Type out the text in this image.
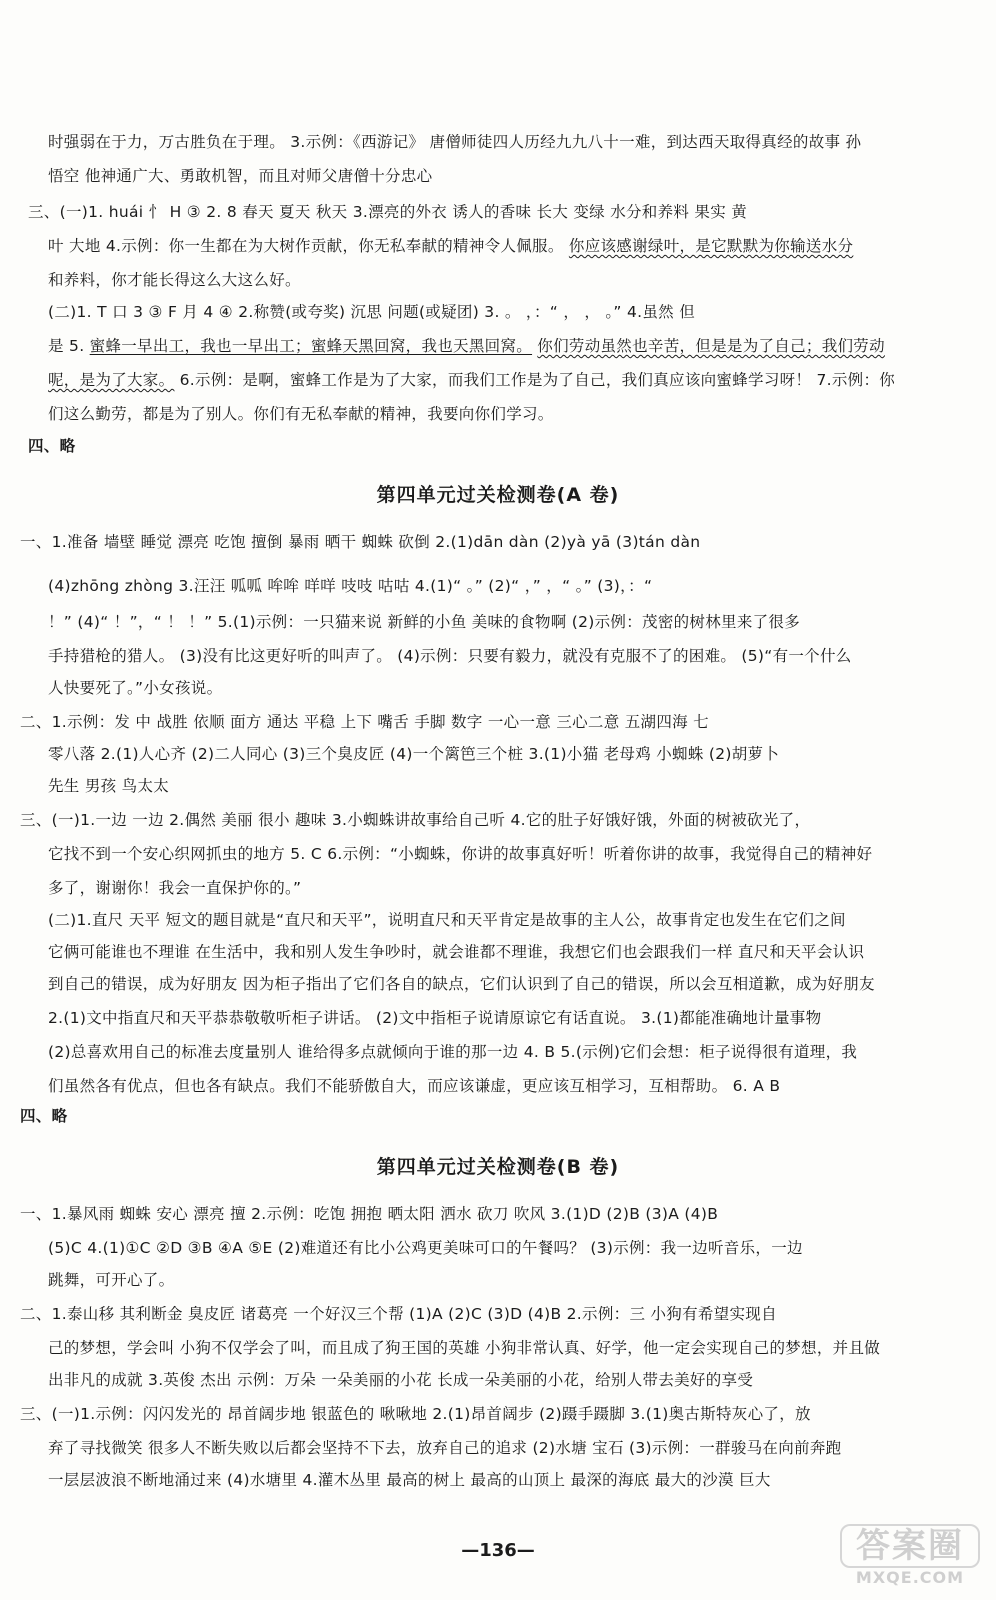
时强弱在于力，万古胜负在于理。 3.示例：《西游记》 唐僧师徒四人历经九九八十一难，到达西天取得真经的故事 孙
悟空 他神通广大、勇敢机智，而且对师父唐僧十分忠心
三、(一)1. huái 忄 H ③ 2. 8 春天 夏天 秋天 3.漂亮的外衣 诱人的香味 长大 变绿 水分和养料 果实 黄
叶 大地 4.示例：你一生都在为大树作贡献，你无私奉献的精神令人佩服。 你应该感谢绿叶，是它默默为你输送水分
和养料，你才能长得这么大这么好。
(二)1. T 口 3 ③ F 月 4 ④ 2.称赞(或夸奖) 沉思 问题(或疑团) 3. 。 ，：“ ， ， 。” 4.虽然 但
是 5. 蜜蜂一早出工，我也一早出工；蜜蜂天黑回窝，我也天黑回窝。 你们劳动虽然也辛苦，但是是为了自己；我们劳动
呢，是为了大家。 6.示例：是啊，蜜蜂工作是为了大家，而我们工作是为了自己，我们真应该向蜜蜂学习呀！ 7.示例：你
们这么勤劳，都是为了别人。你们有无私奉献的精神，我要向你们学习。
四、略
第四单元过关检测卷(A 卷)
一、1.准备 墙壁 睡觉 漂亮 吃饱 擅倒 暴雨 晒干 蜘蛛 砍倒 2.(1)dān dàn (2)yà yā (3)tán dàn
(4)zhōng zhòng 3.汪汪 呱呱 哞哞 咩咩 吱吱 咕咕 4.(1)“ 。” (2)“ ，” ，“ 。” (3)，：“
！” (4)“ ！”，“ ！ ！” 5.(1)示例：一只猫来说 新鲜的小鱼 美味的食物啊 (2)示例：茂密的树林里来了很多
手持猎枪的猎人。 (3)没有比这更好听的叫声了。 (4)示例：只要有毅力，就没有克服不了的困难。 (5)“有一个什么
人快要死了。”小女孩说。
二、1.示例：发 中 战胜 依顺 面方 通达 平稳 上下 嘴舌 手脚 数字 一心一意 三心二意 五湖四海 七
零八落 2.(1)人心齐 (2)二人同心 (3)三个臭皮匠 (4)一个篱笆三个桩 3.(1)小猫 老母鸡 小蜘蛛 (2)胡萝卜
先生 男孩 鸟太太
三、(一)1.一边 一边 2.偶然 美丽 很小 趣味 3.小蜘蛛讲故事给自己听 4.它的肚子好饿好饿，外面的树被砍光了，
它找不到一个安心织网抓虫的地方 5. C 6.示例：“小蜘蛛，你讲的故事真好听！听着你讲的故事，我觉得自己的精神好
多了，谢谢你！我会一直保护你的。”
(二)1.直尺 天平 短文的题目就是“直尺和天平”，说明直尺和天平肯定是故事的主人公，故事肯定也发生在它们之间
它俩可能谁也不理谁 在生活中，我和别人发生争吵时，就会谁都不理谁，我想它们也会跟我们一样 直尺和天平会认识
到自己的错误，成为好朋友 因为柜子指出了它们各自的缺点，它们认识到了自己的错误，所以会互相道歉，成为好朋友
2.(1)文中指直尺和天平恭恭敬敬听柜子讲话。 (2)文中指柜子说请原谅它有话直说。 3.(1)都能准确地计量事物
(2)总喜欢用自己的标准去度量别人 谁给得多点就倾向于谁的那一边 4. B 5.(示例)它们会想：柜子说得很有道理，我
们虽然各有优点，但也各有缺点。我们不能骄傲自大，而应该谦虚，更应该互相学习，互相帮助。 6. A B
四、略
第四单元过关检测卷(B 卷)
一、1.暴风雨 蜘蛛 安心 漂亮 擅 2.示例：吃饱 拥抱 晒太阳 洒水 砍刀 吹风 3.(1)D (2)B (3)A (4)B
(5)C 4.(1)①C ②D ③B ④A ⑤E (2)难道还有比小公鸡更美味可口的午餐吗？ (3)示例：我一边听音乐，一边
跳舞，可开心了。
二、1.泰山移 其利断金 臭皮匠 诸葛亮 一个好汉三个帮 (1)A (2)C (3)D (4)B 2.示例：三 小狗有希望实现自
己的梦想，学会叫 小狗不仅学会了叫，而且成了狗王国的英雄 小狗非常认真、好学，他一定会实现自己的梦想，并且做
出非凡的成就 3.英俊 杰出 示例：万朵 一朵美丽的小花 长成一朵美丽的小花，给别人带去美好的享受
三、(一)1.示例：闪闪发光的 昂首阔步地 银蓝色的 啾啾地 2.(1)昂首阔步 (2)蹑手蹑脚 3.(1)奥古斯特灰心了，放
弃了寻找微笑 很多人不断失败以后都会坚持不下去，放弃自己的追求 (2)水塘 宝石 (3)示例：一群骏马在向前奔跑
一层层波浪不断地涌过来 (4)水塘里 4.灌木丛里 最高的树上 最高的山顶上 最深的海底 最大的沙漠 巨大
—136—	答案圈
MXQE.COM
